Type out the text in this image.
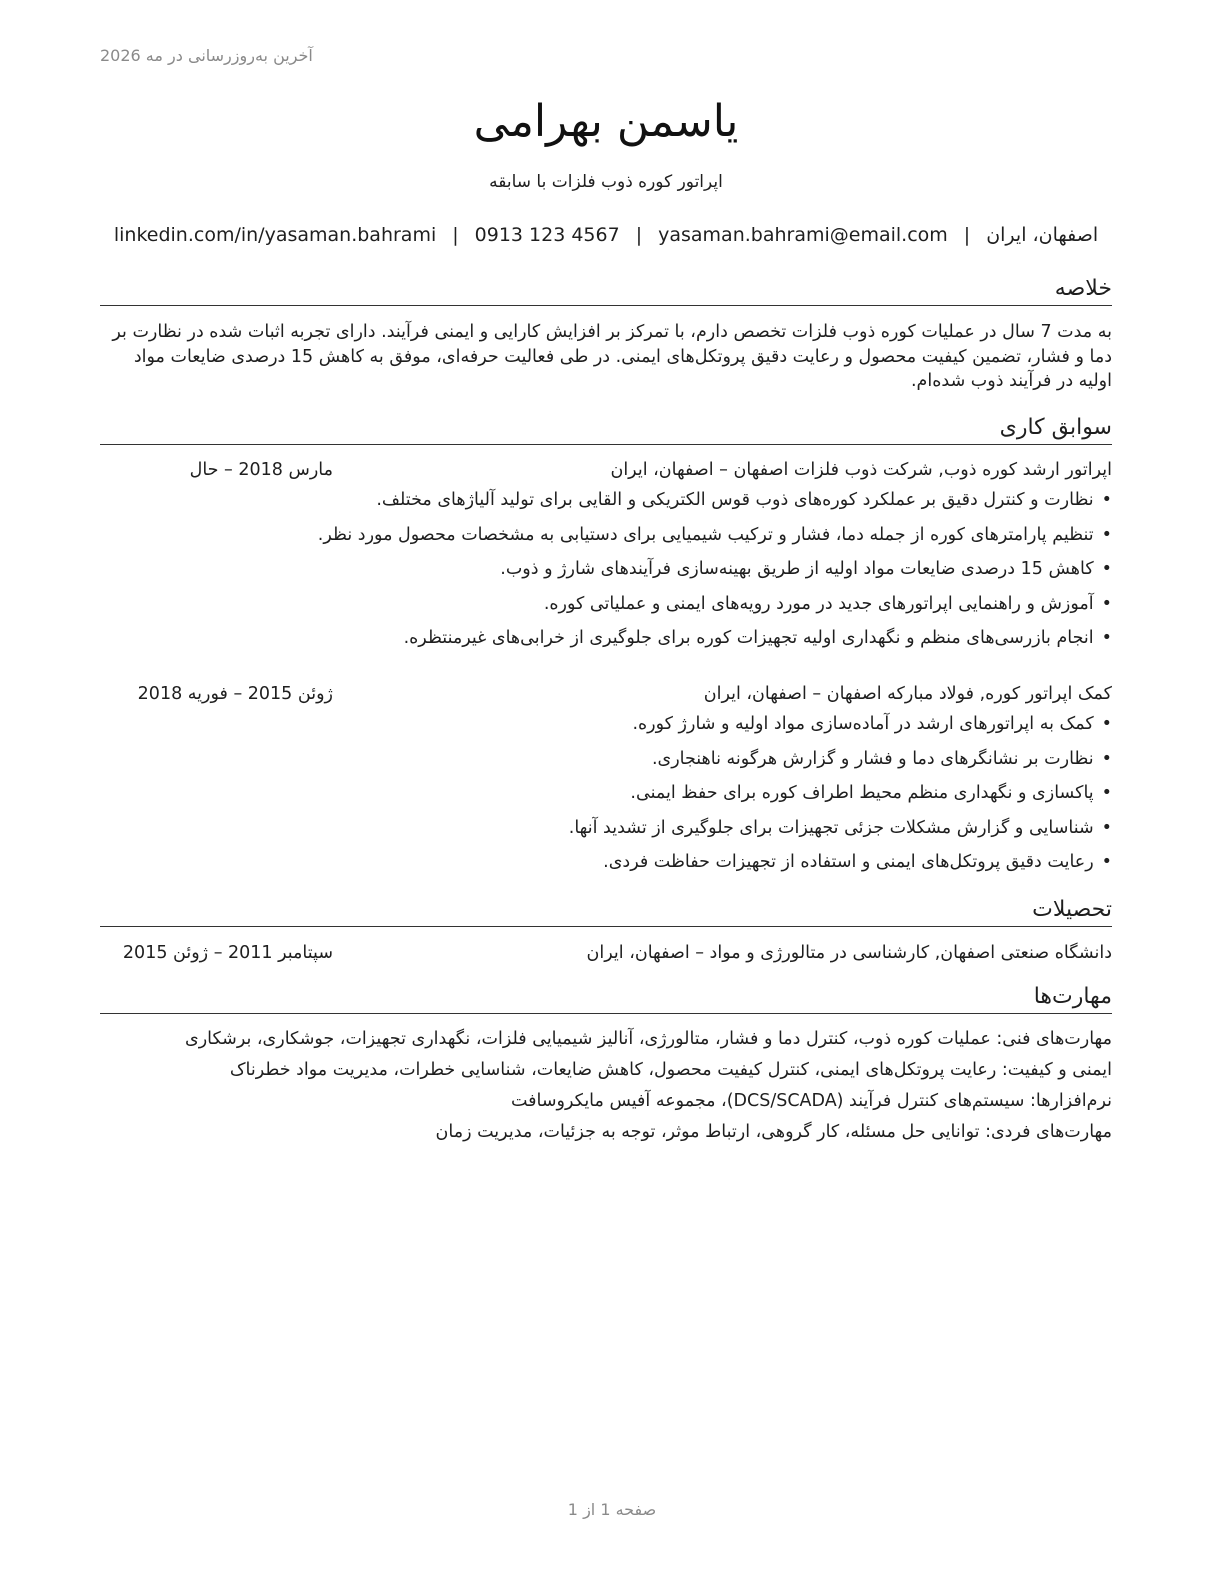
آخرین به‌روزرسانی در مه 2026
یاسمن بهرامی
اپراتور کوره ذوب فلزات با سابقه
اصفهان، ایران
|
yasaman.bahrami@email.com
|
0913 123 4567
|
linkedin.com/in/yasaman.bahrami
خلاصه
به مدت 7 سال در عملیات کوره ذوب فلزات تخصص دارم، با تمرکز بر افزایش کارایی و ایمنی فرآیند. دارای تجربه اثبات شده در نظارت بر دما و فشار، تضمین کیفیت محصول و رعایت دقیق پروتکل‌های ایمنی. در طی فعالیت حرفه‌ای، موفق به کاهش 15 درصدی ضایعات مواد اولیه در فرآیند ذوب شده‌ام.
سوابق کاری
اپراتور ارشد کوره ذوب, شرکت ذوب فلزات اصفهان – اصفهان، ایران
مارس 2018 – حال
• نظارت و کنترل دقیق بر عملکرد کوره‌های ذوب قوس الکتریکی و القایی برای تولید آلیاژهای مختلف.
• تنظیم پارامترهای کوره از جمله دما، فشار و ترکیب شیمیایی برای دستیابی به مشخصات محصول مورد نظر.
• کاهش 15 درصدی ضایعات مواد اولیه از طریق بهینه‌سازی فرآیندهای شارژ و ذوب.
• آموزش و راهنمایی اپراتورهای جدید در مورد رویه‌های ایمنی و عملیاتی کوره.
• انجام بازرسی‌های منظم و نگهداری اولیه تجهیزات کوره برای جلوگیری از خرابی‌های غیرمنتظره.
کمک اپراتور کوره, فولاد مبارکه اصفهان – اصفهان، ایران
ژوئن 2015 – فوریه 2018
• کمک به اپراتورهای ارشد در آماده‌سازی مواد اولیه و شارژ کوره.
• نظارت بر نشانگرهای دما و فشار و گزارش هرگونه ناهنجاری.
• پاکسازی و نگهداری منظم محیط اطراف کوره برای حفظ ایمنی.
• شناسایی و گزارش مشکلات جزئی تجهیزات برای جلوگیری از تشدید آنها.
• رعایت دقیق پروتکل‌های ایمنی و استفاده از تجهیزات حفاظت فردی.
تحصیلات
دانشگاه صنعتی اصفهان, کارشناسی در متالورژی و مواد – اصفهان، ایران
سپتامبر 2011 – ژوئن 2015
مهارت‌ها
مهارت‌های فنی: عملیات کوره ذوب، کنترل دما و فشار، متالورژی، آنالیز شیمیایی فلزات، نگهداری تجهیزات، جوشکاری، برشکاری
ایمنی و کیفیت: رعایت پروتکل‌های ایمنی، کنترل کیفیت محصول، کاهش ضایعات، شناسایی خطرات، مدیریت مواد خطرناک
نرم‌افزارها: سیستم‌های کنترل فرآیند (DCS/SCADA)، مجموعه آفیس مایکروسافت
مهارت‌های فردی: توانایی حل مسئله، کار گروهی، ارتباط موثر، توجه به جزئیات، مدیریت زمان
صفحه 1 از 1
